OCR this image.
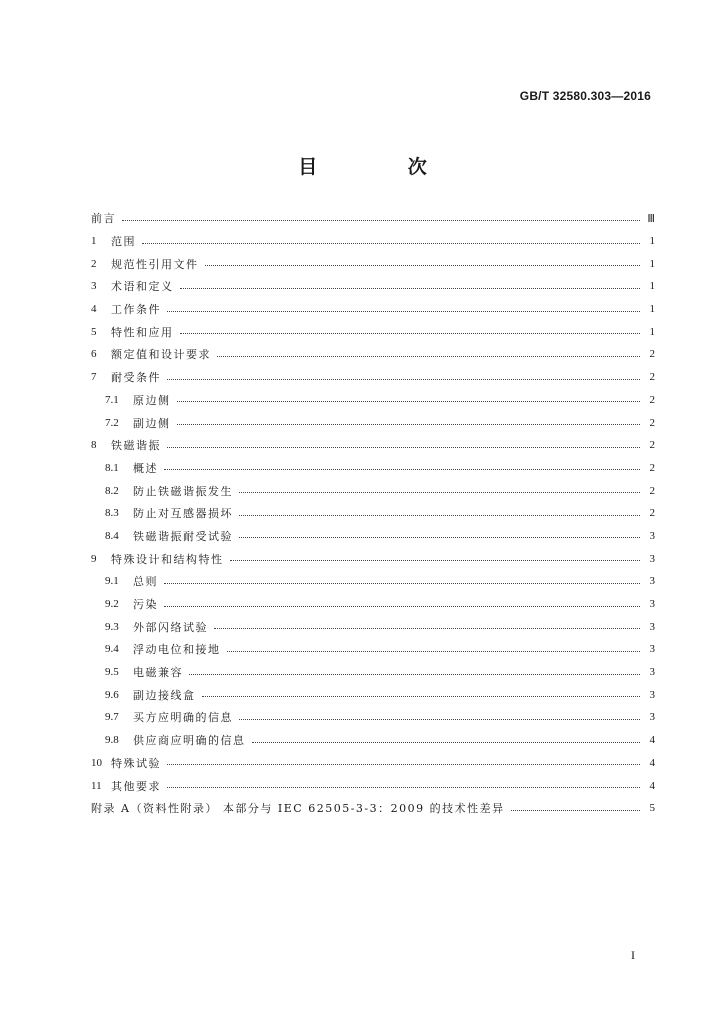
GB/T 32580.303—2016
目 次
前言	Ⅲ
1	范围	1
2	规范性引用文件	1
3	术语和定义	1
4	工作条件	1
5	特性和应用	1
6	额定值和设计要求	2
7	耐受条件	2
7.1	原边侧	2
7.2	副边侧	2
8	铁磁谐振	2
8.1	概述	2
8.2	防止铁磁谐振发生	2
8.3	防止对互感器损坏	2
8.4	铁磁谐振耐受试验	3
9	特殊设计和结构特性	3
9.1	总则	3
9.2	污染	3
9.3	外部闪络试验	3
9.4	浮动电位和接地	3
9.5	电磁兼容	3
9.6	副边接线盒	3
9.7	买方应明确的信息	3
9.8	供应商应明确的信息	4
10 特殊试验	4
11 其他要求	4
附录 A（资料性附录） 本部分与 IEC 62505-3-3：2009 的技术性差异	5
I
